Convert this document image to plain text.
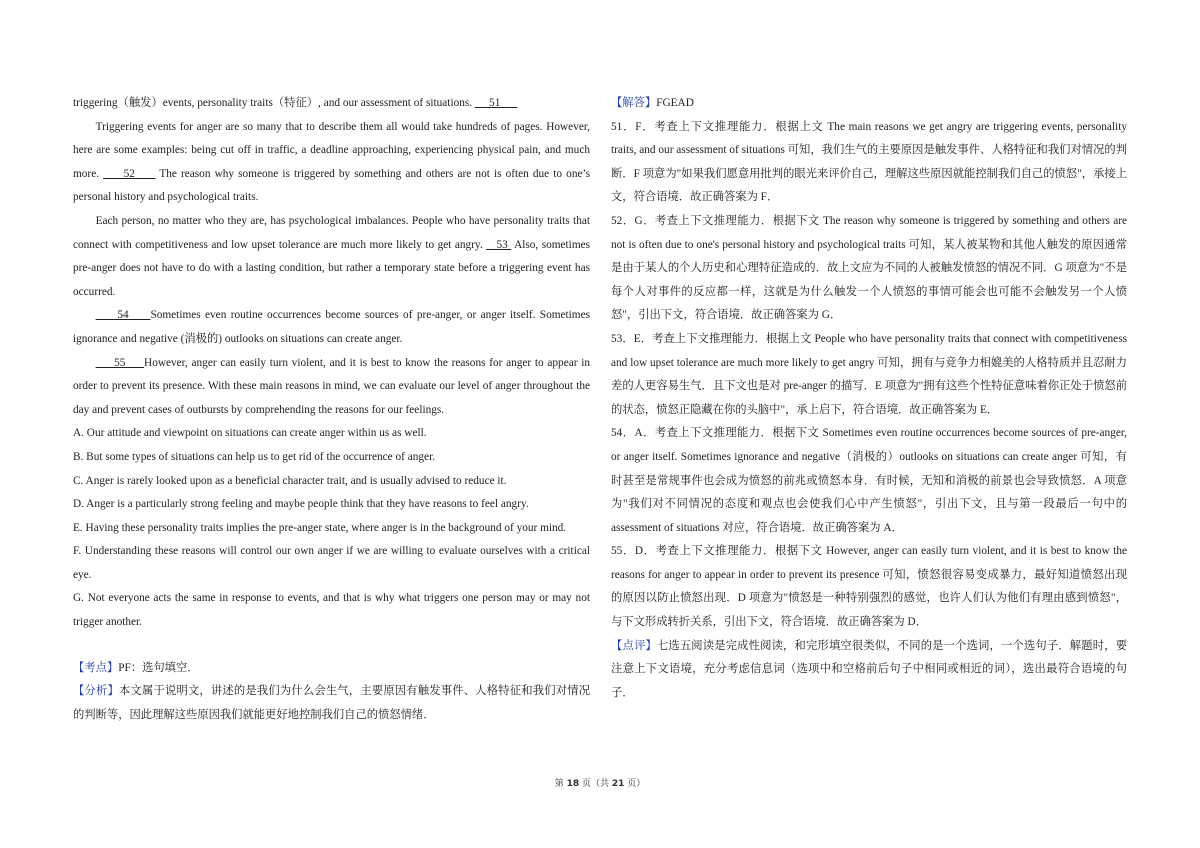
triggering（触发）events, personality traits（特征）, and our assessment of situations.      51

Triggering events for anger are so many that to describe them all would take hundreds of pages. However, here are some examples: being cut off in traffic, a deadline approaching, experiencing physical pain, and much more.      52      The reason why someone is triggered by something and others are not is often due to one’s personal history and psychological traits.

Each person, no matter who they are, has psychological imbalances. People who have personality traits that connect with competitiveness and low upset tolerance are much more likely to get angry.    53  Also, sometimes pre-anger does not have to do with a lasting condition, but rather a temporary state before a triggering event has occurred.

54     Sometimes even routine occurrences become sources of pre-anger, or anger itself. Sometimes ignorance and negative (消极的) outlooks on situations can create anger.

55     However, anger can easily turn violent, and it is best to know the reasons for anger to appear in order to prevent its presence. With these main reasons in mind, we can evaluate our level of anger throughout the day and prevent cases of outbursts by comprehending the reasons for our feelings.

A. Our attitude and viewpoint on situations can create anger within us as well.

B. But some types of situations can help us to get rid of the occurrence of anger.

C. Anger is rarely looked upon as a beneficial character trait, and is usually advised to reduce it.

D. Anger is a particularly strong feeling and maybe people think that they have reasons to feel angry.

E. Having these personality traits implies the pre-anger state, where anger is in the background of your mind.

F. Understanding these reasons will control our own anger if we are willing to evaluate ourselves with a critical eye.

G. Not everyone acts the same in response to events, and that is why what triggers one person may or may not trigger another.

【考点】PF：选句填空．

【分析】本文属于说明文，讲述的是我们为什么会生气，主要原因有触发事件、人格特征和我们对情况的判断等，因此理解这些原因我们就能更好地控制我们自己的愤怒情绪．

【解答】FGEAD

51．F．考查上下文推理能力．根据上文 The main reasons we get angry are triggering events, personality traits, and our assessment of situations 可知，我们生气的主要原因是触发事件、人格特征和我们对情况的判断．F 项意为"如果我们愿意用批判的眼光来评价自己，理解这些原因就能控制我们自己的愤怒"，承接上文，符合语境．故正确答案为 F．

52．G．考查上下文推理能力．根据下文 The reason why someone is triggered by something and others are not is often due to one's personal history and psychological traits 可知，某人被某物和其他人触发的原因通常是由于某人的个人历史和心理特征造成的．故上文应为不同的人被触发愤怒的情况不同．G 项意为"不是每个人对事件的反应都一样，这就是为什么触发一个人愤怒的事情可能会也可能不会触发另一个人愤怒"，引出下文，符合语境．故正确答案为 G．

53．E．考查上下文推理能力．根据上文 People who have personality traits that connect with competitiveness and low upset tolerance are much more likely to get angry 可知，拥有与竞争力相媲美的人格特质并且忍耐力差的人更容易生气．且下文也是对 pre-anger 的描写．E 项意为"拥有这些个性特征意味着你正处于愤怒前的状态，愤怒正隐藏在你的头脑中"，承上启下，符合语境．故正确答案为 E．

54．A．考查上下文推理能力．根据下文 Sometimes even routine occurrences become sources of pre-anger, or anger itself. Sometimes ignorance and negative（消极的）outlooks on situations can create anger 可知，有时甚至是常规事件也会成为愤怒的前兆或愤怒本身．有时候，无知和消极的前景也会导致愤怒．A 项意为"我们对不同情况的态度和观点也会使我们心中产生愤怒"，引出下文，且与第一段最后一句中的 assessment of situations 对应，符合语境．故正确答案为 A．

55．D．考查上下文推理能力．根据下文 However, anger can easily turn violent, and it is best to know the reasons for anger to appear in order to prevent its presence 可知，愤怒很容易变成暴力，最好知道愤怒出现的原因以防止愤怒出现．D 项意为"愤怒是一种特别强烈的感觉，也许人们认为他们有理由感到愤怒"，与下文形成转折关系，引出下文，符合语境．故正确答案为 D．

【点评】七选五阅读是完成性阅读，和完形填空很类似，不同的是一个选词，一个选句子．解题时，要注意上下文语境，充分考虑信息词（选项中和空格前后句子中相同或相近的词），选出最符合语境的句子．

第 18 页（共 21 页）
